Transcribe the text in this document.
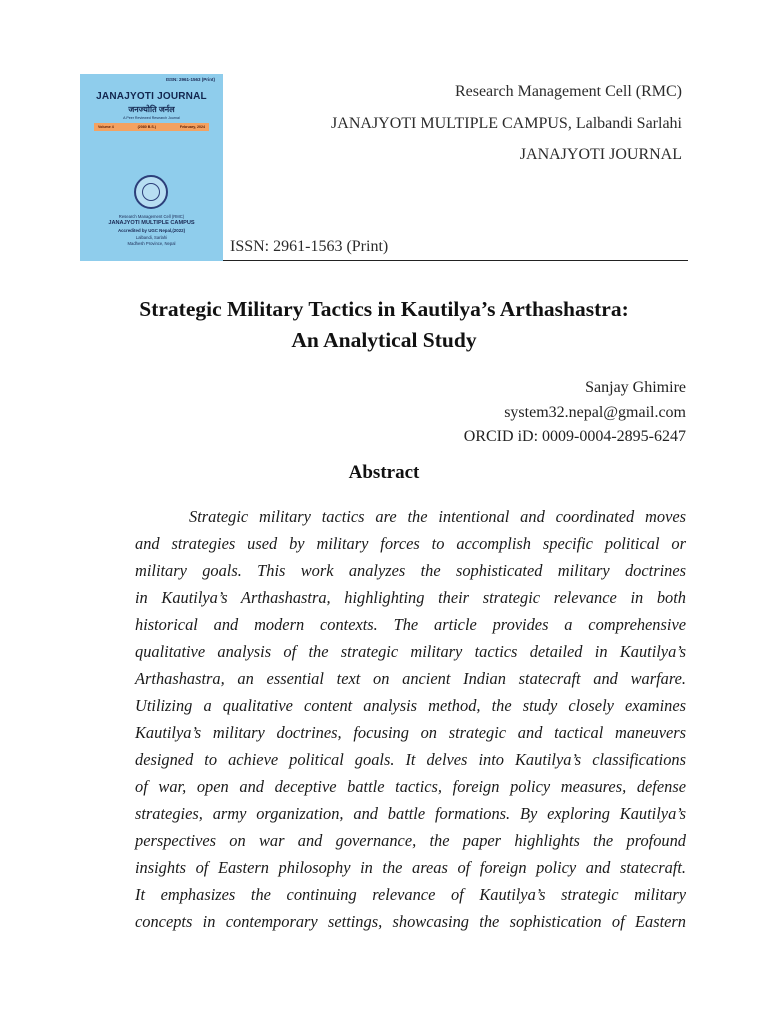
ISSN: 2961-1563 (Print)
JANAJYOTI JOURNAL
जनज्योति जर्नल
A Peer Reviewed Research Journal
Volume 4	(2080 B.S.)	February, 2024
Research Management Cell (RMC)
JANAJYOTI MULTIPLE CAMPUS
Accredited by UGC Nepal,(2022)
Lalbandi, Sarlahi
Madhesh Province, Nepal
Research Management Cell (RMC)
JANAJYOTI MULTIPLE CAMPUS, Lalbandi Sarlahi
JANAJYOTI JOURNAL
ISSN: 2961-1563 (Print)
Strategic Military Tactics in Kautilya’s Arthashastra:
An Analytical Study
Sanjay Ghimire
system32.nepal@gmail.com
ORCID iD: 0009-0004-2895-6247
Abstract
Strategic military tactics are the intentional and coordinated moves
and strategies used by military forces to accomplish specific political or
military goals. This work analyzes the sophisticated military doctrines
in Kautilya’s Arthashastra, highlighting their strategic relevance in both
historical and modern contexts. The article provides a comprehensive
qualitative analysis of the strategic military tactics detailed in Kautilya’s
Arthashastra, an essential text on ancient Indian statecraft and warfare.
Utilizing a qualitative content analysis method, the study closely examines
Kautilya’s military doctrines, focusing on strategic and tactical maneuvers
designed to achieve political goals. It delves into Kautilya’s classifications
of war, open and deceptive battle tactics, foreign policy measures, defense
strategies, army organization, and battle formations. By exploring Kautilya’s
perspectives on war and governance, the paper highlights the profound
insights of Eastern philosophy in the areas of foreign policy and statecraft.
It emphasizes the continuing relevance of Kautilya’s strategic military
concepts in contemporary settings, showcasing the sophistication of Eastern
